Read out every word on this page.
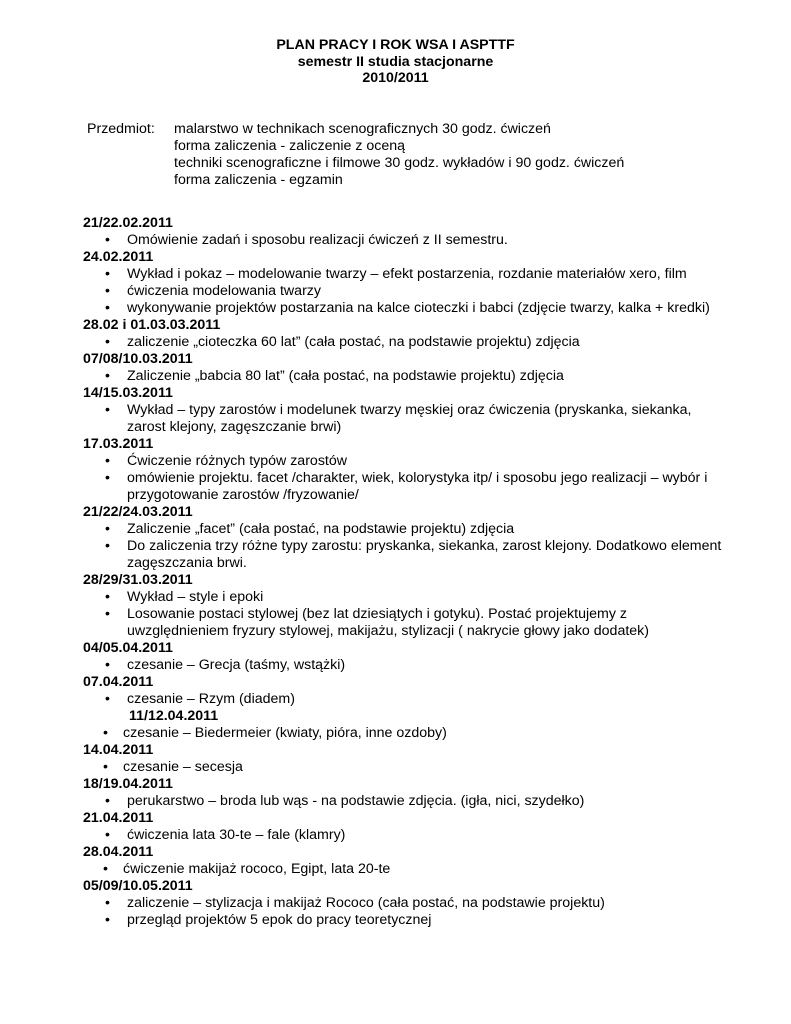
PLAN PRACY I ROK WSA I ASPTTF
semestr II studia stacjonarne
2010/2011
Przedmiot: malarstwo w technikach scenograficznych 30 godz. ćwiczeń
forma zaliczenia - zaliczenie z oceną
techniki scenograficzne i filmowe 30 godz. wykładów i 90 godz. ćwiczeń
forma zaliczenia - egzamin
21/22.02.2011
• Omówienie zadań i sposobu realizacji ćwiczeń z II semestru.
24.02.2011
• Wykład i pokaz – modelowanie twarzy – efekt postarzenia, rozdanie materiałów xero, film
• ćwiczenia modelowania twarzy
• wykonywanie projektów postarzania na kalce cioteczki i babci (zdjęcie twarzy, kalka + kredki)
28.02 i 01.03.03.2011
• zaliczenie „cioteczka 60 lat” (cała postać, na podstawie projektu) zdjęcia
07/08/10.03.2011
• Zaliczenie „babcia 80 lat” (cała postać, na podstawie projektu) zdjęcia
14/15.03.2011
• Wykład – typy zarostów i modelunek twarzy męskiej oraz ćwiczenia (pryskanka, siekanka, zarost klejony, zagęszczanie brwi)
17.03.2011
• Ćwiczenie różnych typów zarostów
• omówienie projektu. facet /charakter, wiek, kolorystyka itp/ i sposobu jego realizacji – wybór i przygotowanie zarostów /fryzowanie/
21/22/24.03.2011
• Zaliczenie „facet” (cała postać, na podstawie projektu) zdjęcia
• Do zaliczenia trzy różne typy zarostu: pryskanka, siekanka, zarost klejony. Dodatkowo element zagęszczania brwi.
28/29/31.03.2011
• Wykład – style i epoki
• Losowanie postaci stylowej (bez lat dziesiątych i gotyku). Postać projektujemy z uwzględnieniem fryzury stylowej, makijażu, stylizacji ( nakrycie głowy jako dodatek)
04/05.04.2011
• czesanie – Grecja (taśmy, wstążki)
07.04.2011
• czesanie – Rzym (diadem)
11/12.04.2011
• czesanie – Biedermeier (kwiaty, pióra, inne ozdoby)
14.04.2011
• czesanie – secesja
18/19.04.2011
• perukarstwo – broda lub wąs - na podstawie zdjęcia. (igła, nici, szydełko)
21.04.2011
• ćwiczenia lata 30-te – fale (klamry)
28.04.2011
• ćwiczenie makijaż rococo, Egipt, lata 20-te
05/09/10.05.2011
• zaliczenie – stylizacja i makijaż Rococo (cała postać, na podstawie projektu)
• przegląd projektów 5 epok do pracy teoretycznej
